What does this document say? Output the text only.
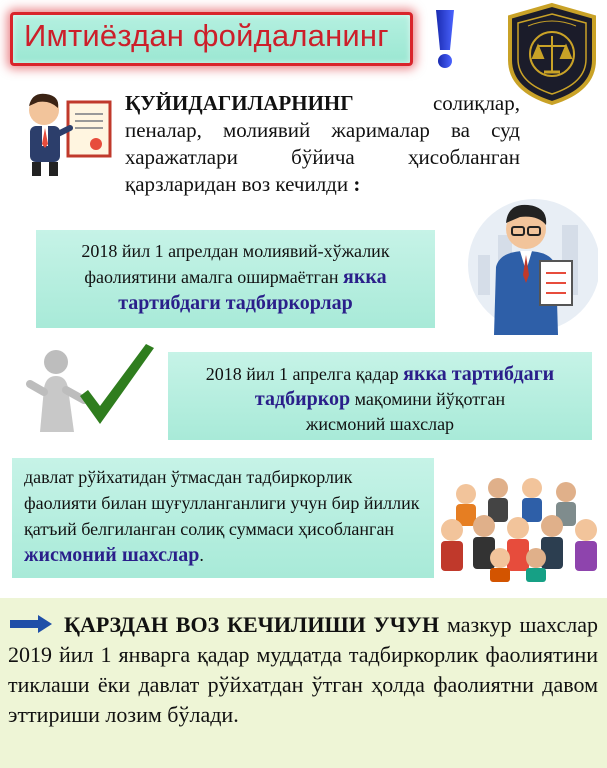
Имтиёздан фойдаланинг
ҚУЙИДАГИЛАРНИНГ	солиқлар, пеналар, молиявий жарималар ва суд харажатлари бўйича ҳисобланган қарзларидан воз кечилди :
2018 йил 1 апрелдан молиявий-хўжалик
фаолиятини амалга оширмаётган якка
тартибдаги тадбиркорлар
2018 йил 1 апрелга қадар якка тартибдаги
тадбиркор мақомини йўқотган
жисмоний шахслар
давлат рўйхатидан ўтмасдан тадбиркорлик фаолияти билан шуғулланганлиги учун бир йиллик қатъий белгиланган солиқ суммаси ҳисобланган жисмоний шахслар.
ҚАРЗДАН ВОЗ КЕЧИЛИШИ УЧУН мазкур шахслар 2019 йил 1 январга қадар муддатда тадбиркорлик фаолиятини тиклаши ёки давлат рўйхатдан ўтган ҳолда фаолиятни давом эттириши лозим бўлади.
